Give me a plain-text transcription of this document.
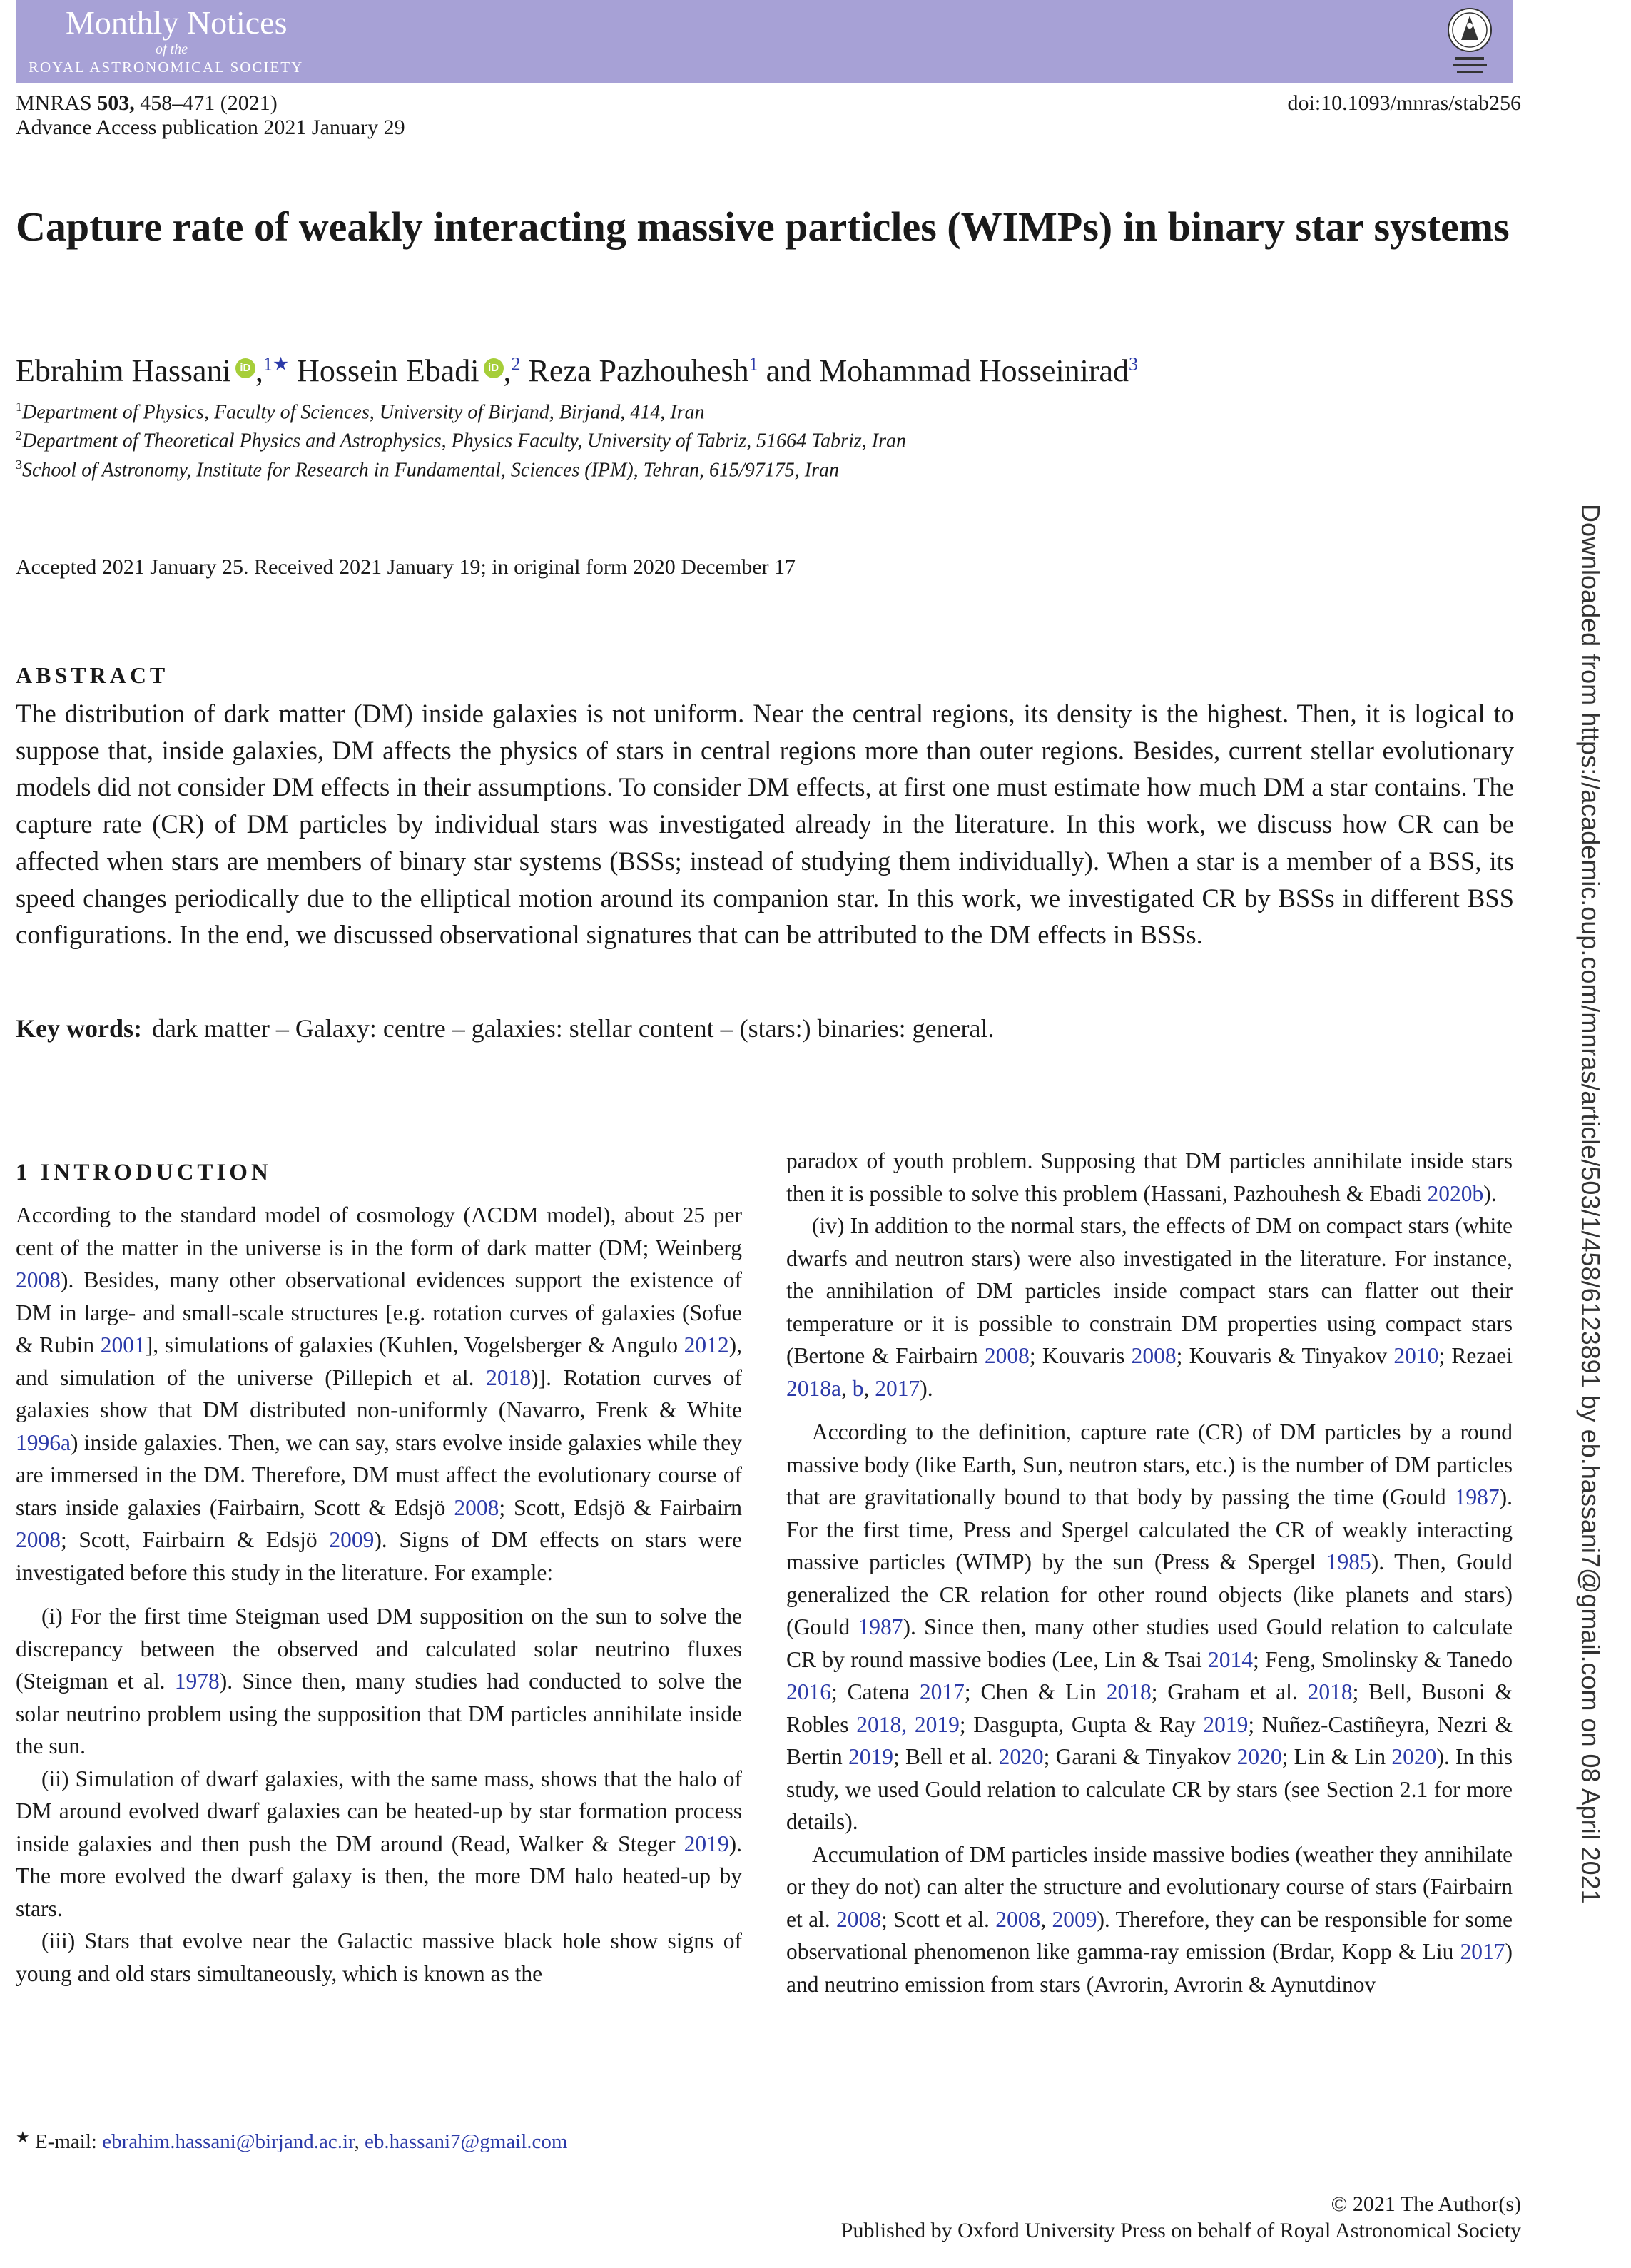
Monthly Notices
of the
ROYAL ASTRONOMICAL SOCIETY
MNRAS 503, 458–471 (2021)
Advance Access publication 2021 January 29
doi:10.1093/mnras/stab256
Capture rate of weakly interacting massive particles (WIMPs) in binary star systems
Ebrahim Hassani iD ,$^{1★}$ Hossein Ebadi iD ,$^2$ Reza Pazhouhesh$^1$ and Mohammad Hosseinirad$^3$
$^1$Department of Physics, Faculty of Sciences, University of Birjand, Birjand, 414, Iran
$^2$Department of Theoretical Physics and Astrophysics, Physics Faculty, University of Tabriz, 51664 Tabriz, Iran
$^3$School of Astronomy, Institute for Research in Fundamental, Sciences (IPM), Tehran, 615/97175, Iran
Accepted 2021 January 25. Received 2021 January 19; in original form 2020 December 17
ABSTRACT

The distribution of dark matter (DM) inside galaxies is not uniform. Near the central regions, its density is the highest. Then, it is logical to suppose that, inside galaxies, DM affects the physics of stars in central regions more than outer regions. Besides, current stellar evolutionary models did not consider DM effects in their assumptions. To consider DM effects, at first one must estimate how much DM a star contains. The capture rate (CR) of DM particles by individual stars was investigated already in the literature. In this work, we discuss how CR can be affected when stars are members of binary star systems (BSSs; instead of studying them individually). When a star is a member of a BSS, its speed changes periodically due to the elliptical motion around its companion star. In this work, we investigated CR by BSSs in different BSS configurations. In the end, we discussed observational signatures that can be attributed to the DM effects in BSSs.

Key words: dark matter – Galaxy: centre – galaxies: stellar content – (stars:) binaries: general.
1 INTRODUCTION

According to the standard model of cosmology (ΛCDM model), about 25 per cent of the matter in the universe is in the form of dark matter (DM; Weinberg 2008). Besides, many other observational evidences support the existence of DM in large- and small-scale structures [e.g. rotation curves of galaxies (Sofue & Rubin 2001], simulations of galaxies (Kuhlen, Vogelsberger & Angulo 2012), and simulation of the universe (Pillepich et al. 2018)]. Rotation curves of galaxies show that DM distributed non-uniformly (Navarro, Frenk & White 1996a) inside galaxies. Then, we can say, stars evolve inside galaxies while they are immersed in the DM. Therefore, DM must affect the evolutionary course of stars inside galaxies (Fairbairn, Scott & Edsjö 2008; Scott, Edsjö & Fairbairn 2008; Scott, Fairbairn & Edsjö 2009). Signs of DM effects on stars were investigated before this study in the literature. For example:

(i) For the first time Steigman used DM supposition on the sun to solve the discrepancy between the observed and calculated solar neutrino fluxes (Steigman et al. 1978). Since then, many studies had conducted to solve the solar neutrino problem using the supposition that DM particles annihilate inside the sun.

(ii) Simulation of dwarf galaxies, with the same mass, shows that the halo of DM around evolved dwarf galaxies can be heated-up by star formation process inside galaxies and then push the DM around (Read, Walker & Steger 2019). The more evolved the dwarf galaxy is then, the more DM halo heated-up by stars.

(iii) Stars that evolve near the Galactic massive black hole show signs of young and old stars simultaneously, which is known as the

paradox of youth problem. Supposing that DM particles annihilate inside stars then it is possible to solve this problem (Hassani, Pazhouhesh & Ebadi 2020b).

(iv) In addition to the normal stars, the effects of DM on compact stars (white dwarfs and neutron stars) were also investigated in the literature. For instance, the annihilation of DM particles inside compact stars can flatter out their temperature or it is possible to constrain DM properties using compact stars (Bertone & Fairbairn 2008; Kouvaris 2008; Kouvaris & Tinyakov 2010; Rezaei 2018a, b, 2017).

According to the definition, capture rate (CR) of DM particles by a round massive body (like Earth, Sun, neutron stars, etc.) is the number of DM particles that are gravitationally bound to that body by passing the time (Gould 1987). For the first time, Press and Spergel calculated the CR of weakly interacting massive particles (WIMP) by the sun (Press & Spergel 1985). Then, Gould generalized the CR relation for other round objects (like planets and stars) (Gould 1987). Since then, many other studies used Gould relation to calculate CR by round massive bodies (Lee, Lin & Tsai 2014; Feng, Smolinsky & Tanedo 2016; Catena 2017; Chen & Lin 2018; Graham et al. 2018; Bell, Busoni & Robles 2018, 2019; Dasgupta, Gupta & Ray 2019; Nuñez-Castiñeyra, Nezri & Bertin 2019; Bell et al. 2020; Garani & Tinyakov 2020; Lin & Lin 2020). In this study, we used Gould relation to calculate CR by stars (see Section 2.1 for more details).

Accumulation of DM particles inside massive bodies (weather they annihilate or they do not) can alter the structure and evolutionary course of stars (Fairbairn et al. 2008; Scott et al. 2008, 2009). Therefore, they can be responsible for some observational phenomenon like gamma-ray emission (Brdar, Kopp & Liu 2017) and neutrino emission from stars (Avrorin, Avrorin & Aynutdinov

★ E-mail: ebrahim.hassani@birjand.ac.ir, eb.hassani7@gmail.com
© 2021 The Author(s)
Published by Oxford University Press on behalf of Royal Astronomical Society
Downloaded from https://academic.oup.com/mnras/article/503/1/458/6123891 by eb.hassani7@gmail.com on 08 April 2021
